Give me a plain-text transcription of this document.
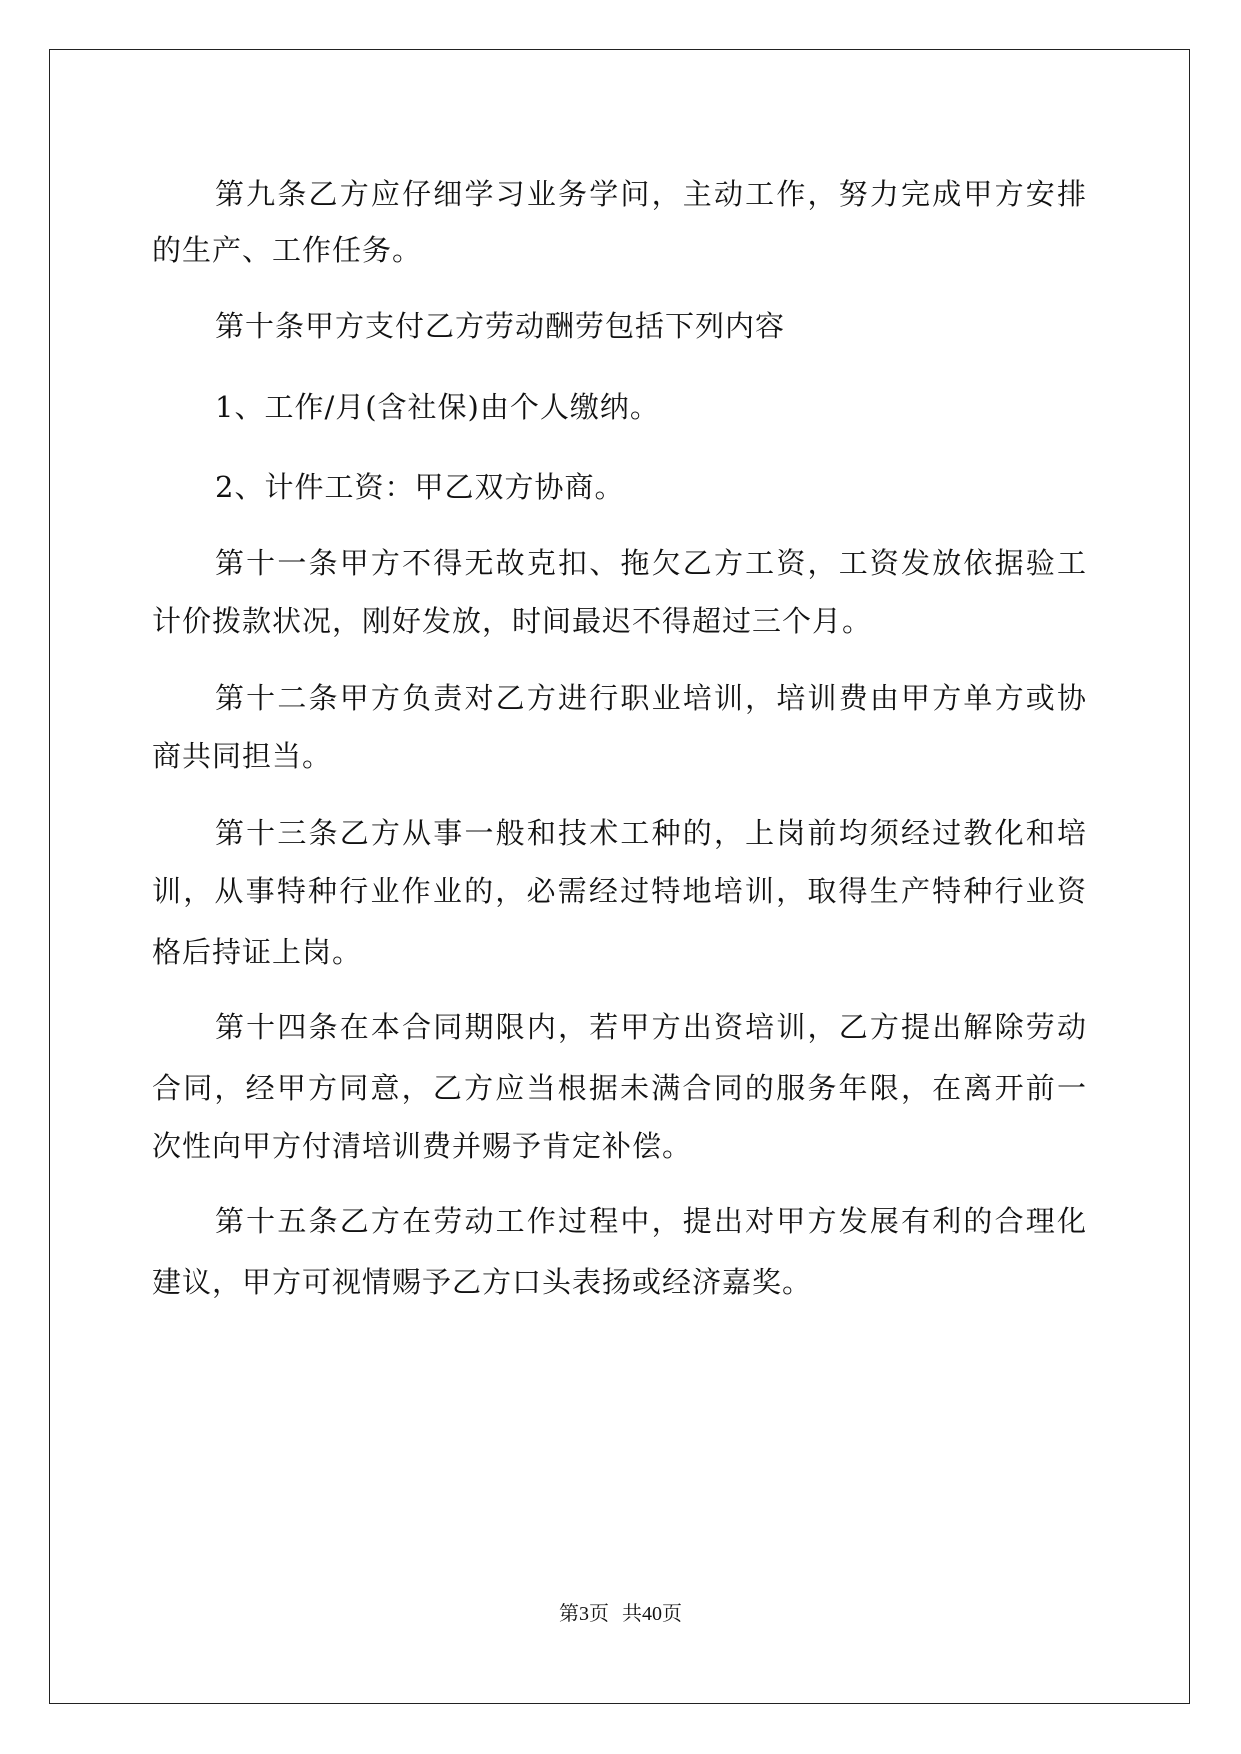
第九条乙方应仔细学习业务学问，主动工作，努力完成甲方安排

的生产、工作任务。

第十条甲方支付乙方劳动酬劳包括下列内容

1、工作/月(含社保)由个人缴纳。

2、计件工资：甲乙双方协商。

第十一条甲方不得无故克扣、拖欠乙方工资，工资发放依据验工

计价拨款状况，刚好发放，时间最迟不得超过三个月。

第十二条甲方负责对乙方进行职业培训，培训费由甲方单方或协

商共同担当。

第十三条乙方从事一般和技术工种的，上岗前均须经过教化和培

训，从事特种行业作业的，必需经过特地培训，取得生产特种行业资

格后持证上岗。

第十四条在本合同期限内，若甲方出资培训，乙方提出解除劳动

合同，经甲方同意，乙方应当根据未满合同的服务年限，在离开前一

次性向甲方付清培训费并赐予肯定补偿。

第十五条乙方在劳动工作过程中，提出对甲方发展有利的合理化

建议，甲方可视情赐予乙方口头表扬或经济嘉奖。

第3页 共40页
